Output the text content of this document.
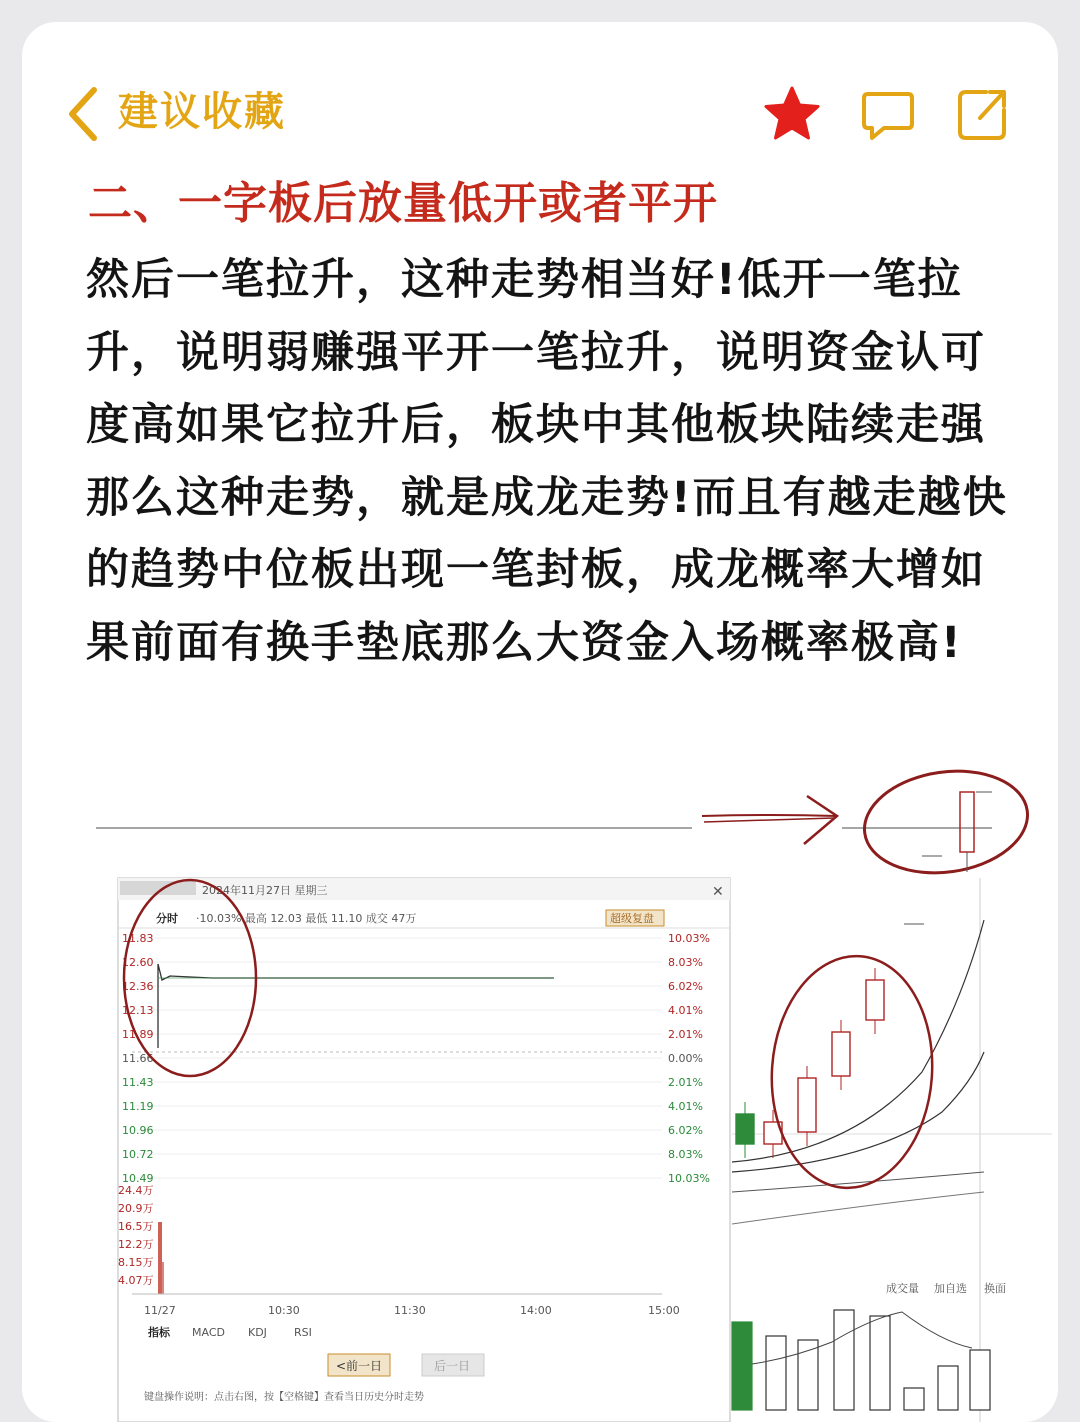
建议收藏
二、一字板后放量低开或者平开
然后一笔拉升，这种走势相当好!低开一笔拉升，说明弱赚强平开一笔拉升，说明资金认可度高如果它拉升后，板块中其他板块陆续走强那么这种走势，就是成龙走势!而且有越走越快的趋势中位板出现一笔封板，成龙概率大增如果前面有换手垫底那么大资金入场概率极高!
2024年11月27日 星期三	✕
分时 ·10.03% 最高 12.03 最低 11.10 成交 47万	超级复盘
11.83
12.60
12.36
12.13
11.89
11.66
11.43
11.19
10.96
10.72
10.49
10.03%
8.03%
6.02%
4.01%
2.01%
0.00%
2.01%
4.01%
6.02%
8.03%
10.03%
24.4万
20.9万
16.5万
12.2万
8.15万
4.07万
11/27	10:30	11:30	14:00	15:00
指标 MACD KDJ RSI
<前一日	后一日
键盘操作说明：点击右图，按【空格键】查看当日历史分时走势
成交量 加自选 换面
